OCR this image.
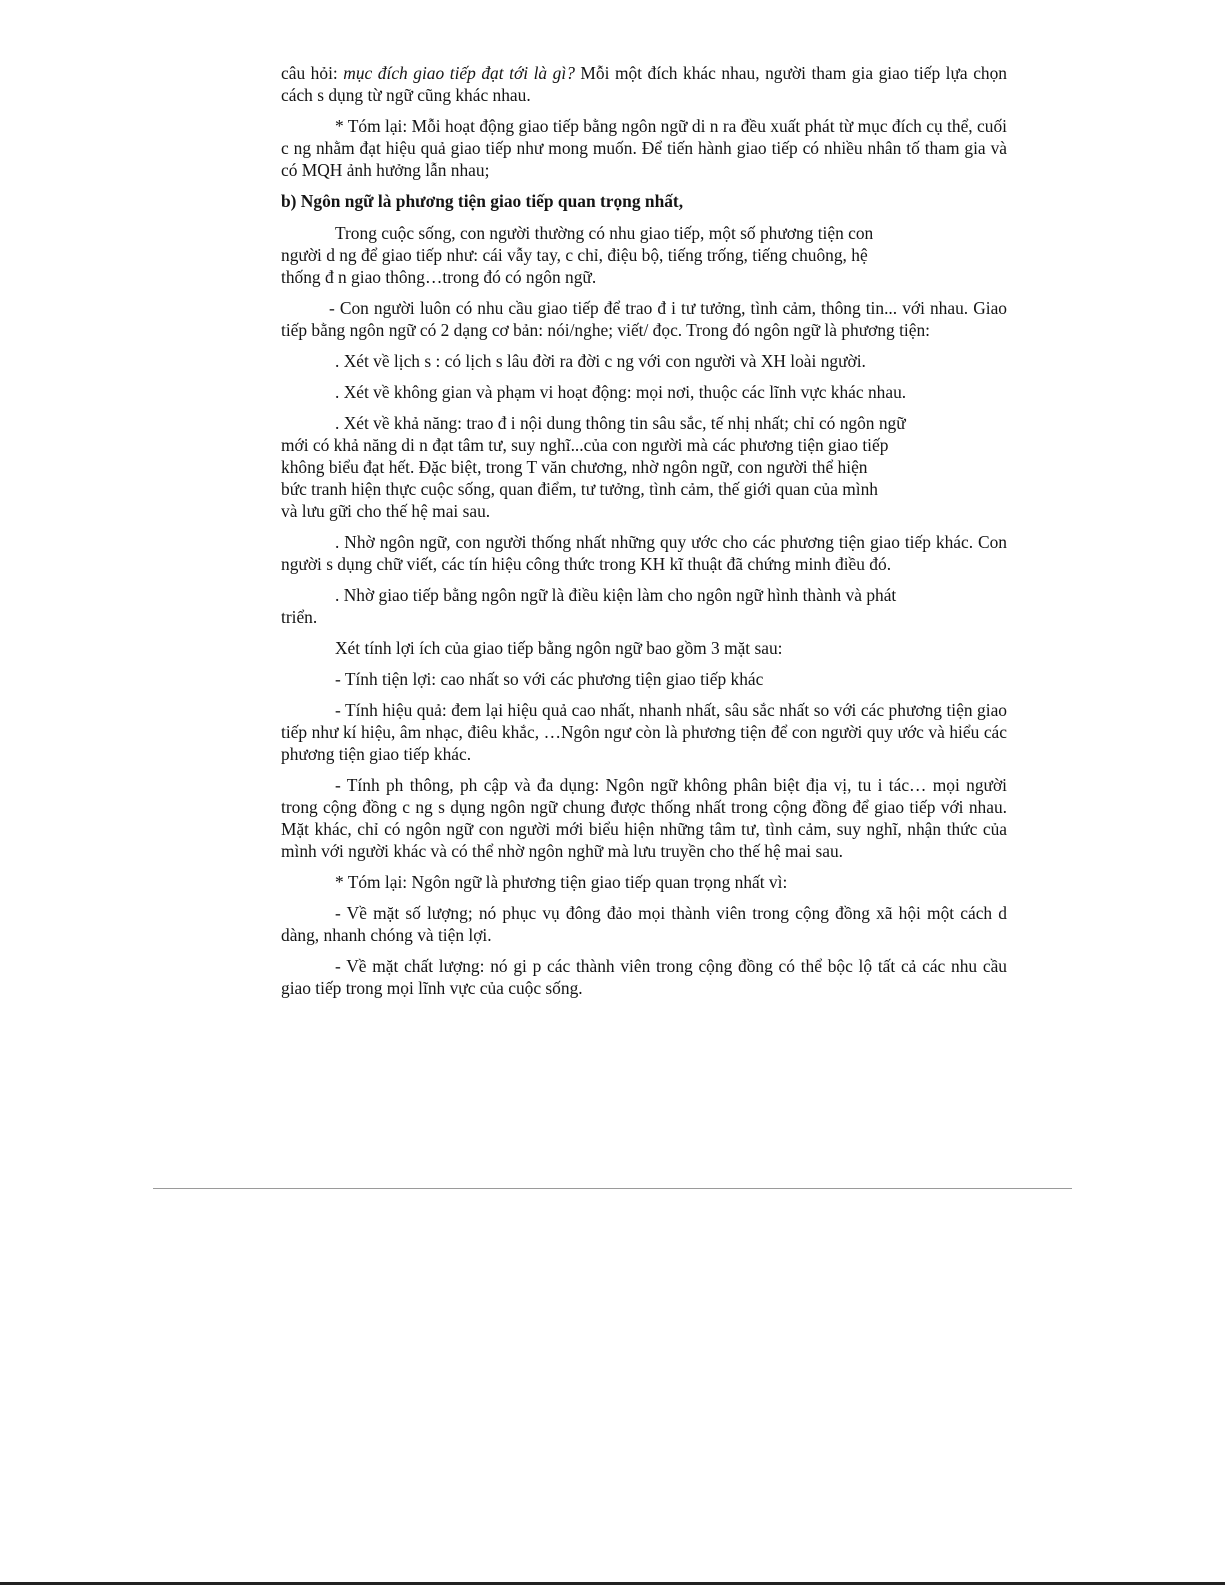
câu hỏi: mục đích giao tiếp đạt tới là gì? Mỗi một đích khác nhau, người tham gia giao tiếp lựa chọn cách s dụng từ ngữ cũng khác nhau.

* Tóm lại: Mỗi hoạt động giao tiếp bằng ngôn ngữ di n ra đều xuất phát từ mục đích cụ thể, cuối c ng nhằm đạt hiệu quả giao tiếp như mong muốn. Để tiến hành giao tiếp có nhiều nhân tố tham gia và có MQH ảnh hưởng lẫn nhau;

b) Ngôn ngữ là phương tiện giao tiếp quan trọng nhất,

Trong cuộc sống, con người thường có nhu giao tiếp, một số phương tiện con
người d ng để giao tiếp như: cái vẫy tay, c chỉ, điệu bộ, tiếng trống, tiếng chuông, hệ
thống đ n giao thông…trong đó có ngôn ngữ.

- Con người luôn có nhu cầu giao tiếp để trao đ i tư tưởng, tình cảm, thông tin... với nhau. Giao tiếp bằng ngôn ngữ có 2 dạng cơ bản: nói/nghe; viết/ đọc. Trong đó ngôn ngữ là phương tiện:

. Xét về lịch s : có lịch s lâu đời ra đời c ng với con người và XH loài người.

. Xét về không gian và phạm vi hoạt động: mọi nơi, thuộc các lĩnh vực khác nhau.

. Xét về khả năng: trao đ i nội dung thông tin sâu sắc, tế nhị nhất; chỉ có ngôn ngữ
mới có khả năng di n đạt tâm tư, suy nghĩ...của con người mà các phương tiện giao tiếp
không biểu đạt hết. Đặc biệt, trong T văn chương, nhờ ngôn ngữ, con người thể hiện
bức tranh hiện thực cuộc sống, quan điểm, tư tưởng, tình cảm, thế giới quan của mình
và lưu gữi cho thế hệ mai sau.

. Nhờ ngôn ngữ, con người thống nhất những quy ước cho các phương tiện giao tiếp khác. Con người s dụng chữ viết, các tín hiệu công thức trong KH kĩ thuật đã chứng minh điều đó.

. Nhờ giao tiếp bằng ngôn ngữ là điều kiện làm cho ngôn ngữ hình thành và phát
triển.

Xét tính lợi ích của giao tiếp bằng ngôn ngữ bao gồm 3 mặt sau:

- Tính tiện lợi: cao nhất so với các phương tiện giao tiếp khác

- Tính hiệu quả: đem lại hiệu quả cao nhất, nhanh nhất, sâu sắc nhất so với các phương tiện giao tiếp như kí hiệu, âm nhạc, điêu khắc, …Ngôn ngư còn là phương tiện để con người quy ước và hiểu các phương tiện giao tiếp khác.

- Tính ph thông, ph cập và đa dụng: Ngôn ngữ không phân biệt địa vị, tu i tác… mọi người trong cộng đồng c ng s dụng ngôn ngữ chung được thống nhất trong cộng đồng để giao tiếp với nhau. Mặt khác, chỉ có ngôn ngữ con người mới biểu hiện những tâm tư, tình cảm, suy nghĩ, nhận thức của mình với người khác và có thể nhờ ngôn nghữ mà lưu truyền cho thế hệ mai sau.

* Tóm lại: Ngôn ngữ là phương tiện giao tiếp quan trọng nhất vì:

- Về mặt số lượng; nó phục vụ đông đảo mọi thành viên trong cộng đồng xã hội một cách d dàng, nhanh chóng và tiện lợi.

- Về mặt chất lượng: nó gi p các thành viên trong cộng đồng có thể bộc lộ tất cả các nhu cầu giao tiếp trong mọi lĩnh vực của cuộc sống.
